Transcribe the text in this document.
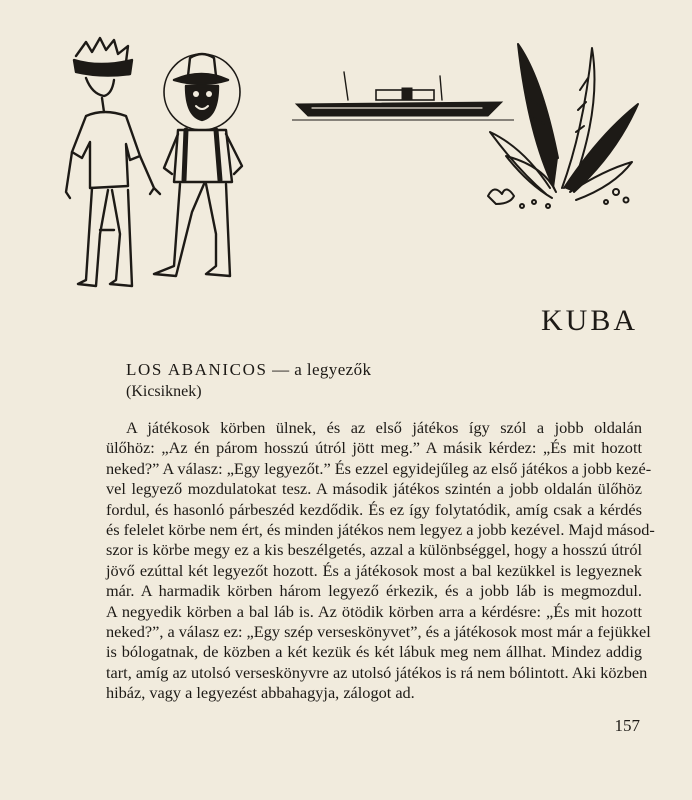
KUBA
LOS ABANICOS — a legyezők
(Kicsiknek)
A játékosok körben ülnek, és az első játékos így szól a jobb oldalán
ülőhöz: „Az én párom hosszú útról jött meg.” A másik kérdez: „És mit hozott
neked?” A válasz: „Egy legyezőt.” És ezzel egyidejűleg az első játékos a jobb kezé-
vel legyező mozdulatokat tesz. A második játékos szintén a jobb oldalán ülőhöz
fordul, és hasonló párbeszéd kezdődik. És ez így folytatódik, amíg csak a kérdés
és felelet körbe nem ért, és minden játékos nem legyez a jobb kezével. Majd másod-
szor is körbe megy ez a kis beszélgetés, azzal a különbséggel, hogy a hosszú útról
jövő ezúttal két legyezőt hozott. És a játékosok most a bal kezükkel is legyeznek
már. A harmadik körben három legyező érkezik, és a jobb láb is megmozdul.
A negyedik körben a bal láb is. Az ötödik körben arra a kérdésre: „És mit hozott
neked?”, a válasz ez: „Egy szép verseskönyvet”, és a játékosok most már a fejükkel
is bólogatnak, de közben a két kezük és két lábuk meg nem állhat. Mindez addig
tart, amíg az utolsó verseskönyvre az utolsó játékos is rá nem bólintott. Aki közben
hibáz, vagy a legyezést abbahagyja, zálogot ad.
157
